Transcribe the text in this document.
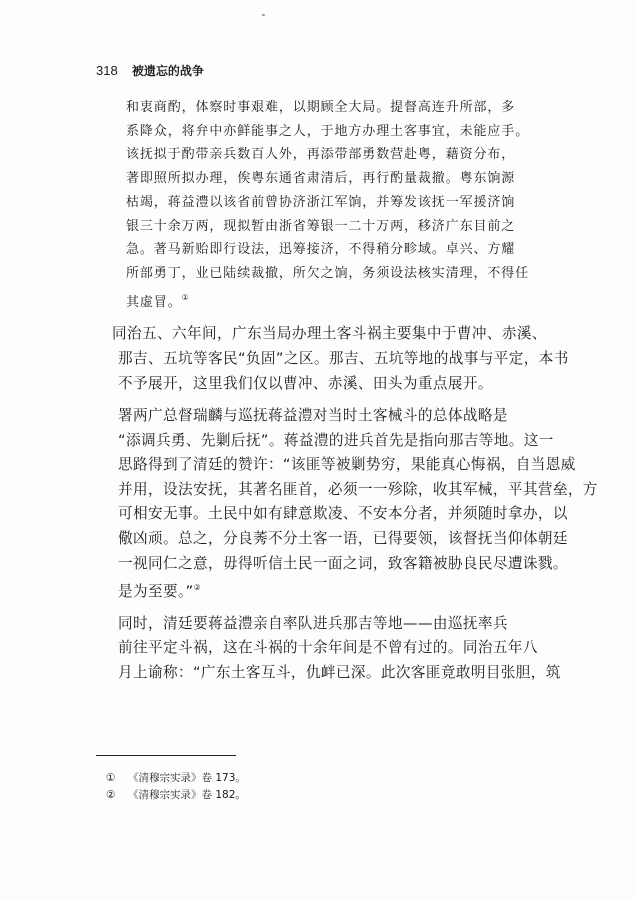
318 被遗忘的战争
和衷商酌，体察时事艰难，以期顾全大局。提督高连升所部，多
系降众，将弁中亦鲜能事之人，于地方办理土客事宜，未能应手。
该抚拟于酌带亲兵数百人外，再添带部勇数营赴粤，藉资分布，
著即照所拟办理，俟粤东通省肃清后，再行酌量裁撤。粤东饷源
枯竭，蒋益澧以该省前曾协济浙江军饷，并筹发该抚一军援济饷
银三十余万两，现拟暂由浙省筹银一二十万两，移济广东目前之
急。著马新贻即行设法，迅筹接济，不得稍分畛域。卓兴、方耀
所部勇丁，业已陆续裁撤，所欠之饷，务须设法核实清理，不得任
其虚冒。①
同治五、六年间，广东当局办理土客斗祸主要集中于曹冲、赤溪、
那吉、五坑等客民“负固”之区。那吉、五坑等地的战事与平定，本书
不予展开，这里我们仅以曹冲、赤溪、田头为重点展开。
署两广总督瑞麟与巡抚蒋益澧对当时土客械斗的总体战略是
“添调兵勇、先剿后抚”。蒋益澧的进兵首先是指向那吉等地。这一
思路得到了清廷的赞许：“该匪等被剿势穷，果能真心悔祸，自当恩威
并用，设法安抚，其著名匪首，必须一一殄除，收其军械，平其营垒，方
可相安无事。土民中如有肆意欺凌、不安本分者，并须随时拿办，以
儆凶顽。总之，分良莠不分土客一语，已得要领，该督抚当仰体朝廷
一视同仁之意，毋得听信土民一面之词，致客籍被胁良民尽遭诛戮。
是为至要。”②
同时，清廷要蒋益澧亲自率队进兵那吉等地——由巡抚率兵
前往平定斗祸，这在斗祸的十余年间是不曾有过的。同治五年八
月上谕称：“广东土客互斗，仇衅已深。此次客匪竟敢明目张胆，筑
① 《清穆宗实录》卷 173。
② 《清穆宗实录》卷 182。
